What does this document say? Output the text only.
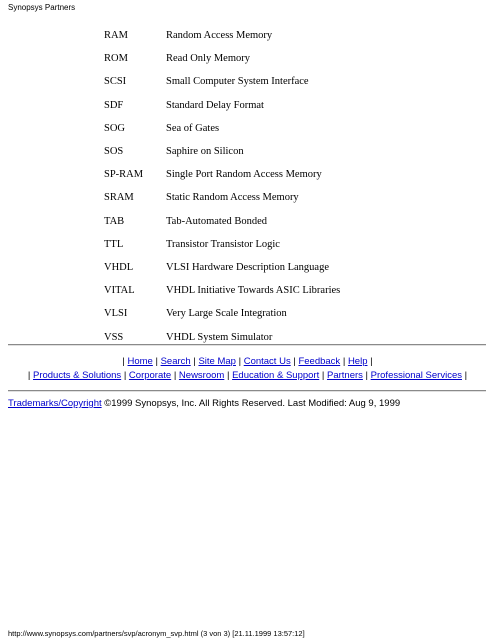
Synopsys Partners
RAM	Random Access Memory
ROM	Read Only Memory
SCSI	Small Computer System Interface
SDF	Standard Delay Format
SOG	Sea of Gates
SOS	Saphire on Silicon
SP-RAM	Single Port Random Access Memory
SRAM	Static Random Access Memory
TAB	Tab-Automated Bonded
TTL	Transistor Transistor Logic
VHDL	VLSI Hardware Description Language
VITAL	VHDL Initiative Towards ASIC Libraries
VLSI	Very Large Scale Integration
VSS	VHDL System Simulator
| Home | Search | Site Map | Contact Us | Feedback | Help |
| Products & Solutions | Corporate | Newsroom | Education & Support | Partners | Professional Services |
Trademarks/Copyright ©1999 Synopsys, Inc. All Rights Reserved. Last Modified: Aug 9, 1999
http://www.synopsys.com/partners/svp/acronym_svp.html (3 von 3) [21.11.1999 13:57:12]
